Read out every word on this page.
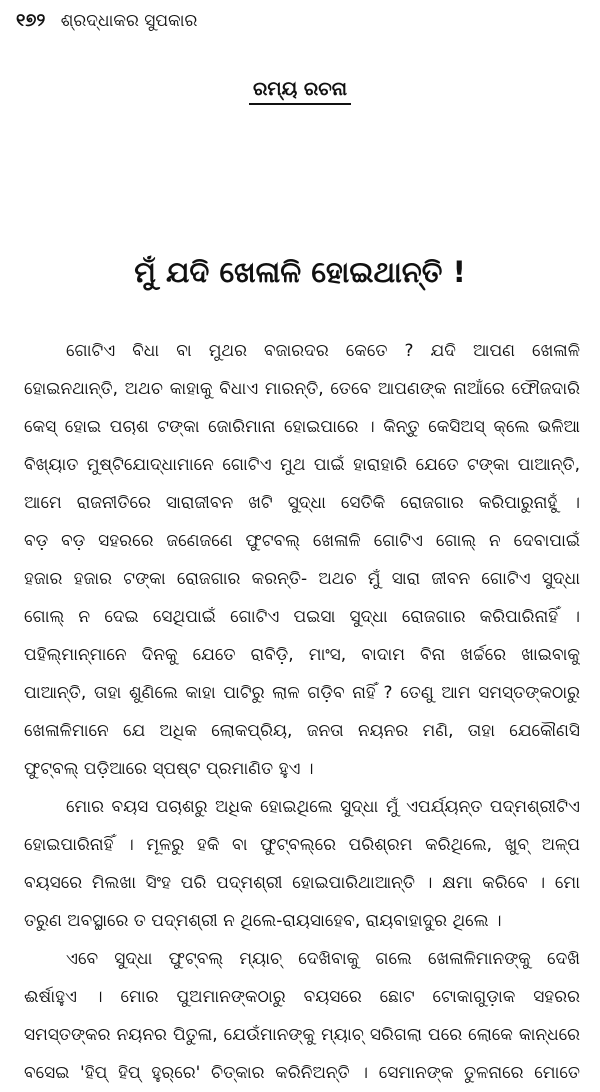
୧୭୨ ଶ୍ରଦ୍ଧାକର ସୁପକାର
ରମ୍ୟ ରଚନା
ମୁଁ ଯଦି ଖେଳାଳି ହୋଇଥାନ୍ତି !
ଗୋଟିଏ ବିଧା ବା ମୁଥର ବଜାରଦର କେତେ ? ଯଦି ଆପଣ ଖେଳାଳି
ହୋଇନଥାନ୍ତି, ଅଥଚ କାହାକୁ ବିଧାଏ ମାରନ୍ତି, ତେବେ ଆପଣଙ୍କ ନାଆଁରେ ଫୌଜଦାରି
କେସ୍ ହୋଇ ପଚାଶ ଟଙ୍କା ଜୋରିମାନା ହୋଇପାରେ । କିନ୍ତୁ କେସିଅସ୍ କ୍ଲେ ଭଳିଆ
ବିଖ୍ୟାତ ମୁଷ୍ଟିଯୋଦ୍ଧାମାନେ ଗୋଟିଏ ମୁଥ ପାଇଁ ହାରାହାରି ଯେତେ ଟଙ୍କା ପାଆନ୍ତି,
ଆମେ ରାଜନୀତିରେ ସାରାଜୀବନ ଖଟି ସୁଦ୍ଧା ସେତିକି ରୋଜଗାର କରିପାରୁନାହୁଁ ।
ବଡ଼ ବଡ଼ ସହରରେ ଜଣେଜଣେ ଫୁଟବଲ୍ ଖେଳାଳି ଗୋଟିଏ ଗୋଲ୍ ନ ଦେବାପାଇଁ
ହଜାର ହଜାର ଟଙ୍କା ରୋଜଗାର କରନ୍ତି- ଅଥଚ ମୁଁ ସାରା ଜୀବନ ଗୋଟିଏ ସୁଦ୍ଧା
ଗୋଲ୍ ନ ଦେଇ ସେଥିପାଇଁ ଗୋଟିଏ ପଇସା ସୁଦ୍ଧା ରୋଜଗାର କରିପାରିନାହିଁ ।
ପହିଲ୍ମାନ୍ମାନେ ଦିନକୁ ଯେତେ ରାବିଡ଼ି, ମାଂସ, ବାଦାମ ବିନା ଖର୍ଚ୍ଚରେ ଖାଇବାକୁ
ପାଆନ୍ତି, ତାହା ଶୁଣିଲେ କାହା ପାଟିରୁ ଲାଳ ଗଡ଼ିବ ନାହିଁ ? ତେଣୁ ଆମ ସମସ୍ତଙ୍କଠାରୁ
ଖେଳାଳିମାନେ ଯେ ଅଧିକ ଲୋକପ୍ରିୟ, ଜନତା ନୟନର ମଣି, ତାହା ଯେକୌଣସି
ଫୁଟ୍‌ବଲ୍ ପଡ଼ିଆରେ ସ୍ପଷ୍ଟ ପ୍ରମାଣିତ ହୁଏ ।
ମୋର ବୟସ ପଚାଶରୁ ଅଧିକ ହୋଇଥିଲେ ସୁଦ୍ଧା ମୁଁ ଏପର୍ଯ୍ୟନ୍ତ ପଦ୍ମଶ୍ରୀଟିଏ
ହୋଇପାରିନାହିଁ । ମୂଳରୁ ହକି ବା ଫୁଟ୍‌ବଲ୍‌ରେ ପରିଶ୍ରମ କରିଥିଲେ, ଖୁବ୍ ଅଳ୍ପ
ବୟସରେ ମିଲଖା ସିଂହ ପରି ପଦ୍ମଶ୍ରୀ ହୋଇପାରିଥାଆନ୍ତି । କ୍ଷମା କରିବେ । ମୋ
ତରୁଣ ଅବସ୍ଥାରେ ତ ପଦ୍ମଶ୍ରୀ ନ ଥିଲେ-ରାୟସାହେବ, ରାୟବାହାଦୁର ଥିଲେ ।
ଏବେ ସୁଦ୍ଧା ଫୁଟ୍‌ବଲ୍ ମ୍ୟାଚ୍ ଦେଖିବାକୁ ଗଲେ ଖେଳାଳିମାନଙ୍କୁ ଦେଖି
ଈର୍ଷାହୁଏ । ମୋର ପୁଅମାନଙ୍କଠାରୁ ବୟସରେ ଛୋଟ ଟୋକାଗୁଡ଼ାକ ସହରର
ସମସ୍ତଙ୍କର ନୟନର ପିତୁଳା, ଯେଉଁମାନଙ୍କୁ ମ୍ୟାଚ୍ ସରିଗଲା ପରେ ଲୋକେ କାନ୍ଧରେ
ବସେଇ 'ହିପ୍ ହିପ୍ ହୁର୍‌ରେ' ଚିତ୍କାର କରିନିଅନ୍ତି । ସେମାନଙ୍କ ତୁଳନାରେ ମୋତେ
